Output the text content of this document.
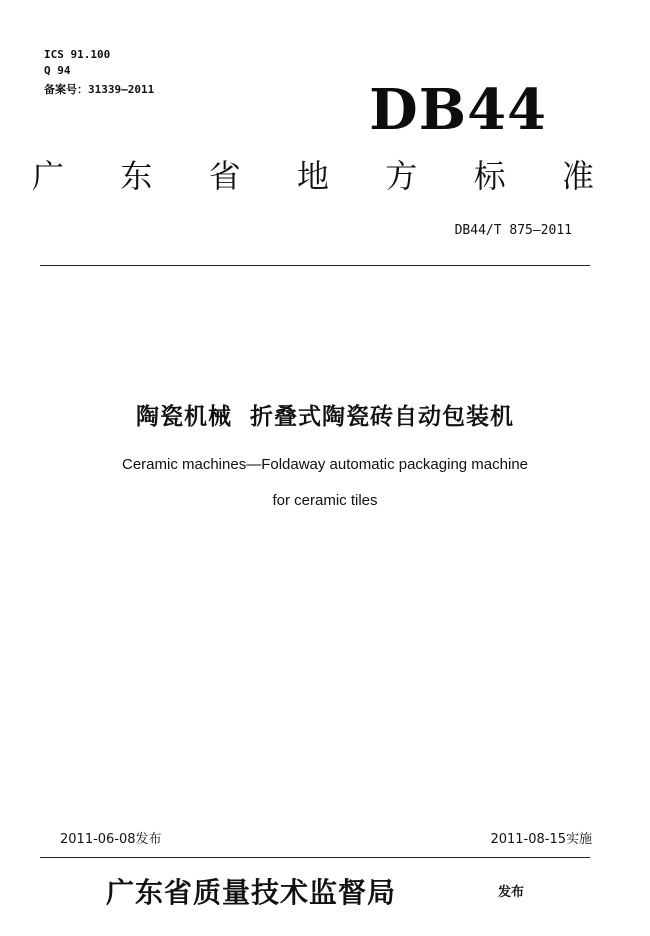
ICS 91.100
Q 94
备案号：31339—2011	DB44
广 东 省 地 方 标 准
DB44/T 875—2011
陶瓷机械  折叠式陶瓷砖自动包装机
Ceramic machines—Foldaway automatic packaging machine
for ceramic tiles
2011-06-08发布	2011-08-15实施
广东省质量技术监督局	发布
